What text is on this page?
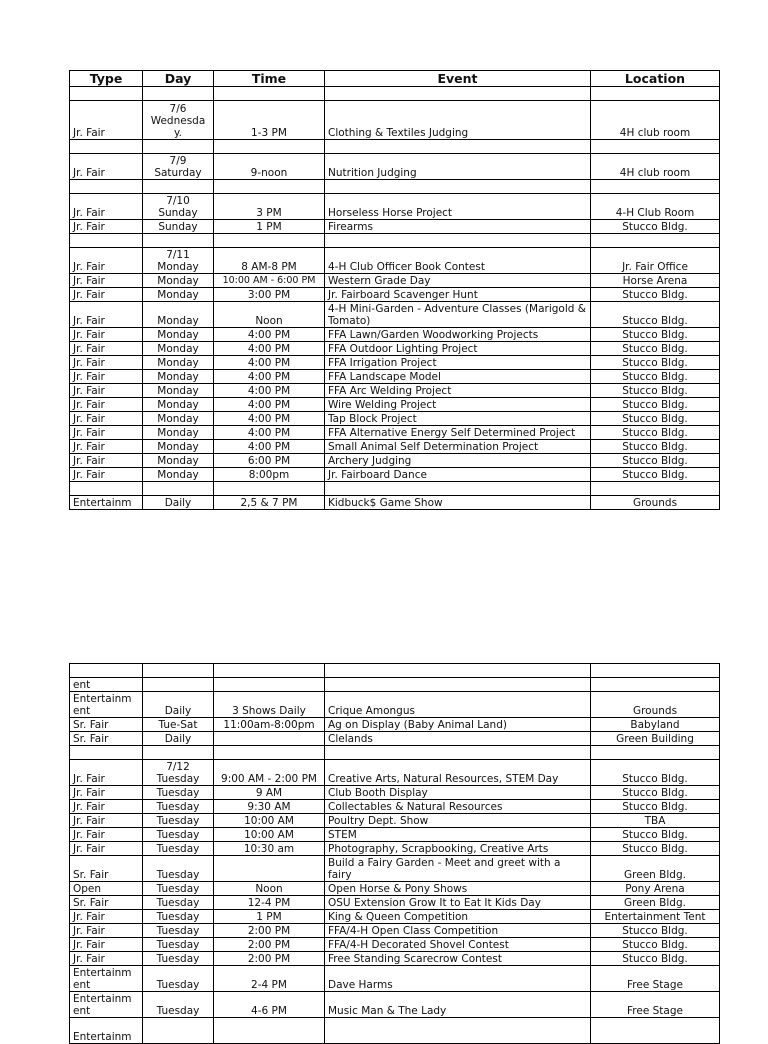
Type	Day	Time	Event	Location

Jr. Fair	7/6 Wednesda y.	1-3 PM	Clothing & Textiles Judging	4H club room

Jr. Fair	7/9 Saturday	9-noon	Nutrition Judging	4H club room

Jr. Fair	7/10 Sunday	3 PM	Horseless Horse Project	4-H Club Room
Jr. Fair	Sunday	1 PM	Firearms	Stucco Bldg.

Jr. Fair	7/11 Monday	8 AM-8 PM	4-H Club Officer Book Contest	Jr. Fair Office
Jr. Fair	Monday	10:00 AM - 6:00 PM	Western Grade Day	Horse Arena
Jr. Fair	Monday	3:00 PM	Jr. Fairboard Scavenger Hunt	Stucco Bldg.
Jr. Fair	Monday	Noon	4-H Mini-Garden - Adventure Classes (Marigold & Tomato)	Stucco Bldg.
Jr. Fair	Monday	4:00 PM	FFA Lawn/Garden Woodworking Projects	Stucco Bldg.
Jr. Fair	Monday	4:00 PM	FFA Outdoor Lighting Project	Stucco Bldg.
Jr. Fair	Monday	4:00 PM	FFA Irrigation Project	Stucco Bldg.
Jr. Fair	Monday	4:00 PM	FFA Landscape Model	Stucco Bldg.
Jr. Fair	Monday	4:00 PM	FFA Arc Welding Project	Stucco Bldg.
Jr. Fair	Monday	4:00 PM	Wire Welding Project	Stucco Bldg.
Jr. Fair	Monday	4:00 PM	Tap Block Project	Stucco Bldg.
Jr. Fair	Monday	4:00 PM	FFA Alternative Energy Self Determined Project	Stucco Bldg.
Jr. Fair	Monday	4:00 PM	Small Animal Self Determination Project	Stucco Bldg.
Jr. Fair	Monday	6:00 PM	Archery Judging	Stucco Bldg.
Jr. Fair	Monday	8:00pm	Jr. Fairboard Dance	Stucco Bldg.

Entertainm	Daily	2,5 & 7 PM	Kidbuck$ Game Show	Grounds

ent				
Entertainm ent	Daily	3 Shows Daily	Crique Amongus	Grounds
Sr. Fair	Tue-Sat	11:00am-8:00pm	Ag on Display (Baby Animal Land)	Babyland
Sr. Fair	Daily		Clelands	Green Building

Jr. Fair	7/12 Tuesday	9:00 AM - 2:00 PM	Creative Arts, Natural Resources, STEM Day	Stucco Bldg.
Jr. Fair	Tuesday	9 AM	Club Booth Display	Stucco Bldg.
Jr. Fair	Tuesday	9:30 AM	Collectables & Natural Resources	Stucco Bldg.
Jr. Fair	Tuesday	10:00 AM	Poultry Dept. Show	TBA
Jr. Fair	Tuesday	10:00 AM	STEM	Stucco Bldg.
Jr. Fair	Tuesday	10:30 am	Photography, Scrapbooking, Creative Arts	Stucco Bldg.
Sr. Fair	Tuesday		Build a Fairy Garden - Meet and greet with a fairy	Green Bldg.
Open	Tuesday	Noon	Open Horse & Pony Shows	Pony Arena
Sr. Fair	Tuesday	12-4 PM	OSU Extension Grow It to Eat It Kids Day	Green Bldg.
Jr. Fair	Tuesday	1 PM	King & Queen Competition	Entertainment Tent
Jr. Fair	Tuesday	2:00 PM	FFA/4-H Open Class Competition	Stucco Bldg.
Jr. Fair	Tuesday	2:00 PM	FFA/4-H Decorated Shovel Contest	Stucco Bldg.
Jr. Fair	Tuesday	2:00 PM	Free Standing Scarecrow Contest	Stucco Bldg.
Entertainm ent	Tuesday	2-4 PM	Dave Harms	Free Stage
Entertainm ent	Tuesday	4-6 PM	Music Man & The Lady	Free Stage
Entertainm				
